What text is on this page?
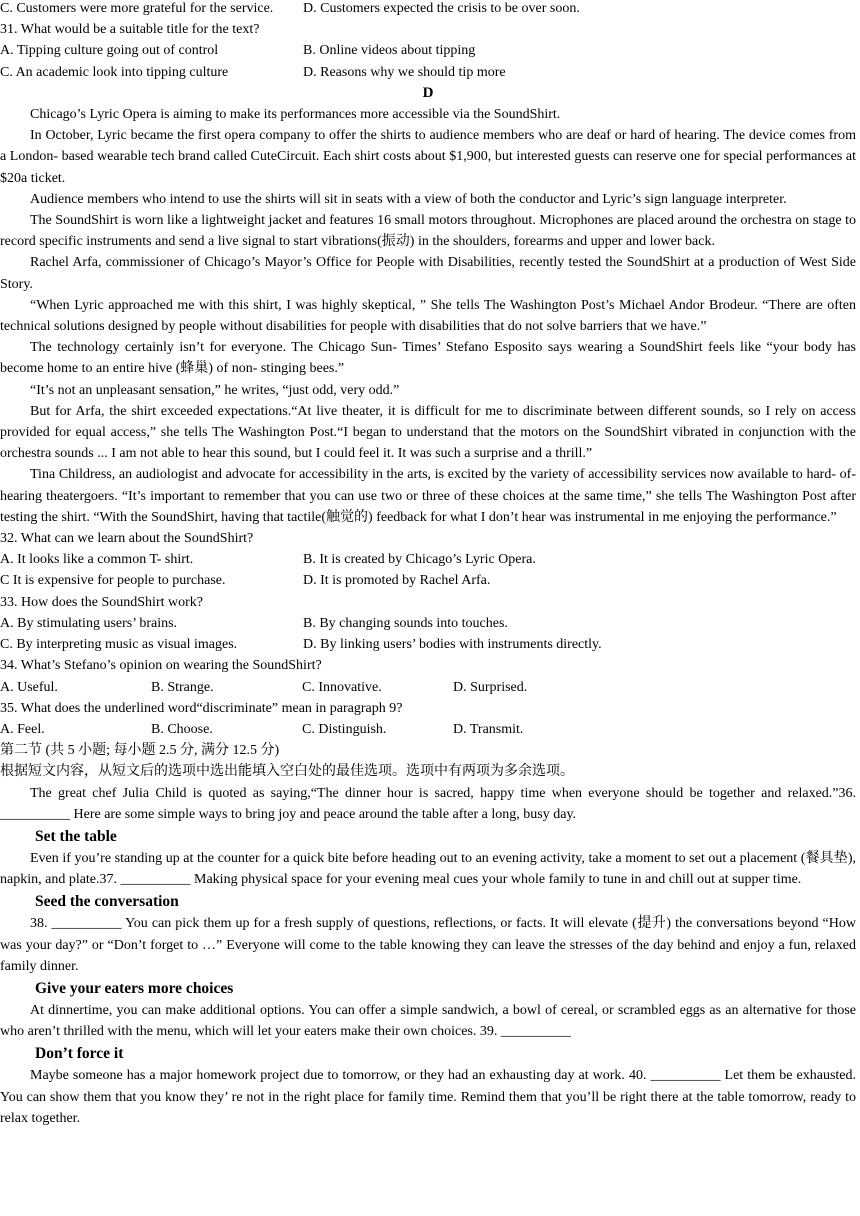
C. Customers were more grateful for the service.	D. Customers expected the crisis to be over soon.
31. What would be a suitable title for the text?
A. Tipping culture going out of control	B. Online videos about tipping
C. An academic look into tipping culture	D. Reasons why we should tip more
D
Chicago’s Lyric Opera is aiming to make its performances more accessible via the SoundShirt.
In October, Lyric became the first opera company to offer the shirts to audience members who are deaf or hard of hearing. The device comes from a London- based wearable tech brand called CuteCircuit. Each shirt costs about $1,900, but interested guests can reserve one for special performances at $20a ticket.
Audience members who intend to use the shirts will sit in seats with a view of both the conductor and Lyric’s sign language interpreter.
The SoundShirt is worn like a lightweight jacket and features 16 small motors throughout. Microphones are placed around the orchestra on stage to record specific instruments and send a live signal to start vibrations(振动) in the shoulders, forearms and upper and lower back.
Rachel Arfa, commissioner of Chicago’s Mayor’s Office for People with Disabilities, recently tested the SoundShirt at a production of West Side Story.
“When Lyric approached me with this shirt, I was highly skeptical, ” She tells The Washington Post’s Michael Andor Brodeur. “There are often technical solutions designed by people without disabilities for people with disabilities that do not solve barriers that we have.”
The technology certainly isn’t for everyone. The Chicago Sun- Times’ Stefano Esposito says wearing a SoundShirt feels like “your body has become home to an entire hive (蜂巢) of non- stinging bees.”
“It’s not an unpleasant sensation,” he writes, “just odd, very odd.”
But for Arfa, the shirt exceeded expectations.“At live theater, it is difficult for me to discriminate between different sounds, so I rely on access provided for equal access,” she tells The Washington Post.“I began to understand that the motors on the SoundShirt vibrated in conjunction with the orchestra sounds ... I am not able to hear this sound, but I could feel it. It was such a surprise and a thrill.”
Tina Childress, an audiologist and advocate for accessibility in the arts, is excited by the variety of accessibility services now available to hard- of- hearing theatergoers. “It’s important to remember that you can use two or three of these choices at the same time,” she tells The Washington Post after testing the shirt. “With the SoundShirt, having that tactile(触觉的) feedback for what I don’t hear was instrumental in me enjoying the performance.”
32. What can we learn about the SoundShirt?
A. It looks like a common T- shirt.	B. It is created by Chicago’s Lyric Opera.
C It is expensive for people to purchase.	D. It is promoted by Rachel Arfa.
33. How does the SoundShirt work?
A. By stimulating users’ brains.	B. By changing sounds into touches.
C. By interpreting music as visual images.	D. By linking users’ bodies with instruments directly.
34. What’s Stefano’s opinion on wearing the SoundShirt?
A. Useful.	B. Strange.	C. Innovative.	D. Surprised.
35. What does the underlined word“discriminate” mean in paragraph 9?
A. Feel.	B. Choose.	C. Distinguish.	D. Transmit.
第二节 (共 5 小题; 每小题 2.5 分, 满分 12.5 分)
根据短文内容，从短文后的选项中选出能填入空白处的最佳选项。选项中有两项为多余选项。
The great chef Julia Child is quoted as saying,“The dinner hour is sacred, happy time when everyone should be together and relaxed.”36. __________ Here are some simple ways to bring joy and peace around the table after a long, busy day.
Set the table
Even if you’re standing up at the counter for a quick bite before heading out to an evening activity, take a moment to set out a placement (餐具垫), napkin, and plate.37. __________ Making physical space for your evening meal cues your whole family to tune in and chill out at supper time.
Seed the conversation
38. __________ You can pick them up for a fresh supply of questions, reflections, or facts. It will elevate (提升) the conversations beyond “How was your day?” or “Don’t forget to …” Everyone will come to the table knowing they can leave the stresses of the day behind and enjoy a fun, relaxed family dinner.
Give your eaters more choices
At dinnertime, you can make additional options. You can offer a simple sandwich, a bowl of cereal, or scrambled eggs as an alternative for those who aren’t thrilled with the menu, which will let your eaters make their own choices. 39. __________
Don’t force it
Maybe someone has a major homework project due to tomorrow, or they had an exhausting day at work. 40. __________ Let them be exhausted. You can show them that you know they’ re not in the right place for family time. Remind them that you’ll be right there at the table tomorrow, ready to relax together.
